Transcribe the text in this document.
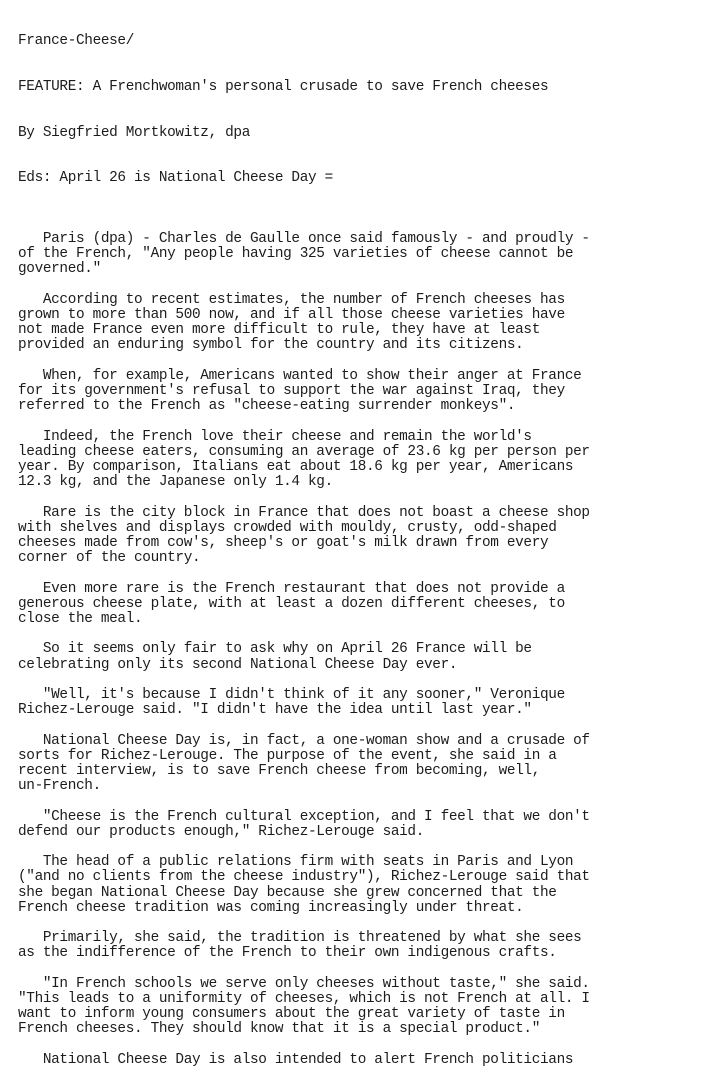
France-Cheese/

FEATURE: A Frenchwoman's personal crusade to save French cheeses

By Siegfried Mortkowitz, dpa

Eds: April 26 is National Cheese Day =

Paris (dpa) - Charles de Gaulle once said famously - and proudly -
of the French, "Any people having 325 varieties of cheese cannot be
governed."
According to recent estimates, the number of French cheeses has
grown to more than 500 now, and if all those cheese varieties have
not made France even more difficult to rule, they have at least
provided an enduring symbol for the country and its citizens.
When, for example, Americans wanted to show their anger at France
for its government's refusal to support the war against Iraq, they
referred to the French as "cheese-eating surrender monkeys".
Indeed, the French love their cheese and remain the world's
leading cheese eaters, consuming an average of 23.6 kg per person per
year. By comparison, Italians eat about 18.6 kg per year, Americans
12.3 kg, and the Japanese only 1.4 kg.
Rare is the city block in France that does not boast a cheese shop
with shelves and displays crowded with mouldy, crusty, odd-shaped
cheeses made from cow's, sheep's or goat's milk drawn from every
corner of the country.
Even more rare is the French restaurant that does not provide a
generous cheese plate, with at least a dozen different cheeses, to
close the meal.
So it seems only fair to ask why on April 26 France will be
celebrating only its second National Cheese Day ever.
"Well, it's because I didn't think of it any sooner," Veronique
Richez-Lerouge said. "I didn't have the idea until last year."
National Cheese Day is, in fact, a one-woman show and a crusade of
sorts for Richez-Lerouge. The purpose of the event, she said in a
recent interview, is to save French cheese from becoming, well,
un-French.
"Cheese is the French cultural exception, and I feel that we don't
defend our products enough," Richez-Lerouge said.
The head of a public relations firm with seats in Paris and Lyon
("and no clients from the cheese industry"), Richez-Lerouge said that
she began National Cheese Day because she grew concerned that the
French cheese tradition was coming increasingly under threat.
Primarily, she said, the tradition is threatened by what she sees
as the indifference of the French to their own indigenous crafts.
"In French schools we serve only cheeses without taste," she said.
"This leads to a uniformity of cheeses, which is not French at all. I
want to inform young consumers about the great variety of taste in
French cheeses. They should know that it is a special product."
National Cheese Day is also intended to alert French politicians
